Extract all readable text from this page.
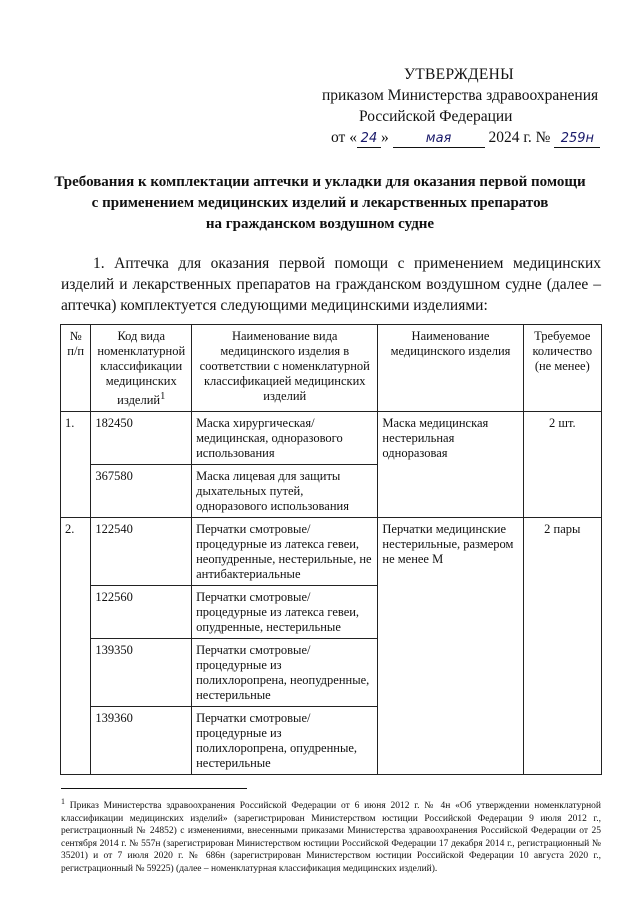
УТВЕРЖДЕНЫ
приказом Министерства здравоохранения
Российской Федерации
от « 24 »	мая 2024 г. № 259н
Требования к комплектации аптечки и укладки для оказания первой помощи
с применением медицинских изделий и лекарственных препаратов
на гражданском воздушном судне
1. Аптечка для оказания первой помощи с применением медицинских изделий и лекарственных препаратов на гражданском воздушном судне (далее – аптечка) комплектуется следующими медицинскими изделиями:
№ п/п	Код вида номенклатурной классификации медицинских изделий$^1$	Наименование вида медицинского изделия в соответствии с номенклатурной классификацией медицинских изделий	Наименование медицинского изделия	Требуемое количество (не менее)
1.	182450	Маска хирургическая/ медицинская, одноразового использования	Маска медицинская нестерильная одноразовая	2 шт.
	367580	Маска лицевая для защиты дыхательных путей, одноразового использования		
2.	122540	Перчатки смотровые/ процедурные из латекса гевеи, неопудренные, нестерильные, не антибактериальные	Перчатки медицинские нестерильные, размером не менее М	2 пары
	122560	Перчатки смотровые/ процедурные из латекса гевеи, опудренные, нестерильные		
	139350	Перчатки смотровые/ процедурные из полихлоропрена, неопудренные, нестерильные		
	139360	Перчатки смотровые/ процедурные из полихлоропрена, опудренные, нестерильные		
$^1$ Приказ Министерства здравоохранения Российской Федерации от 6 июня 2012 г. № 4н «Об утверждении номенклатурной классификации медицинских изделий» (зарегистрирован Министерством юстиции Российской Федерации 9 июля 2012 г., регистрационный № 24852) с изменениями, внесенными приказами Министерства здравоохранения Российской Федерации от 25 сентября 2014 г. № 557н (зарегистрирован Министерством юстиции Российской Федерации 17 декабря 2014 г., регистрационный № 35201) и от 7 июля 2020 г. № 686н (зарегистрирован Министерством юстиции Российской Федерации 10 августа 2020 г., регистрационный № 59225) (далее – номенклатурная классификация медицинских изделий).
